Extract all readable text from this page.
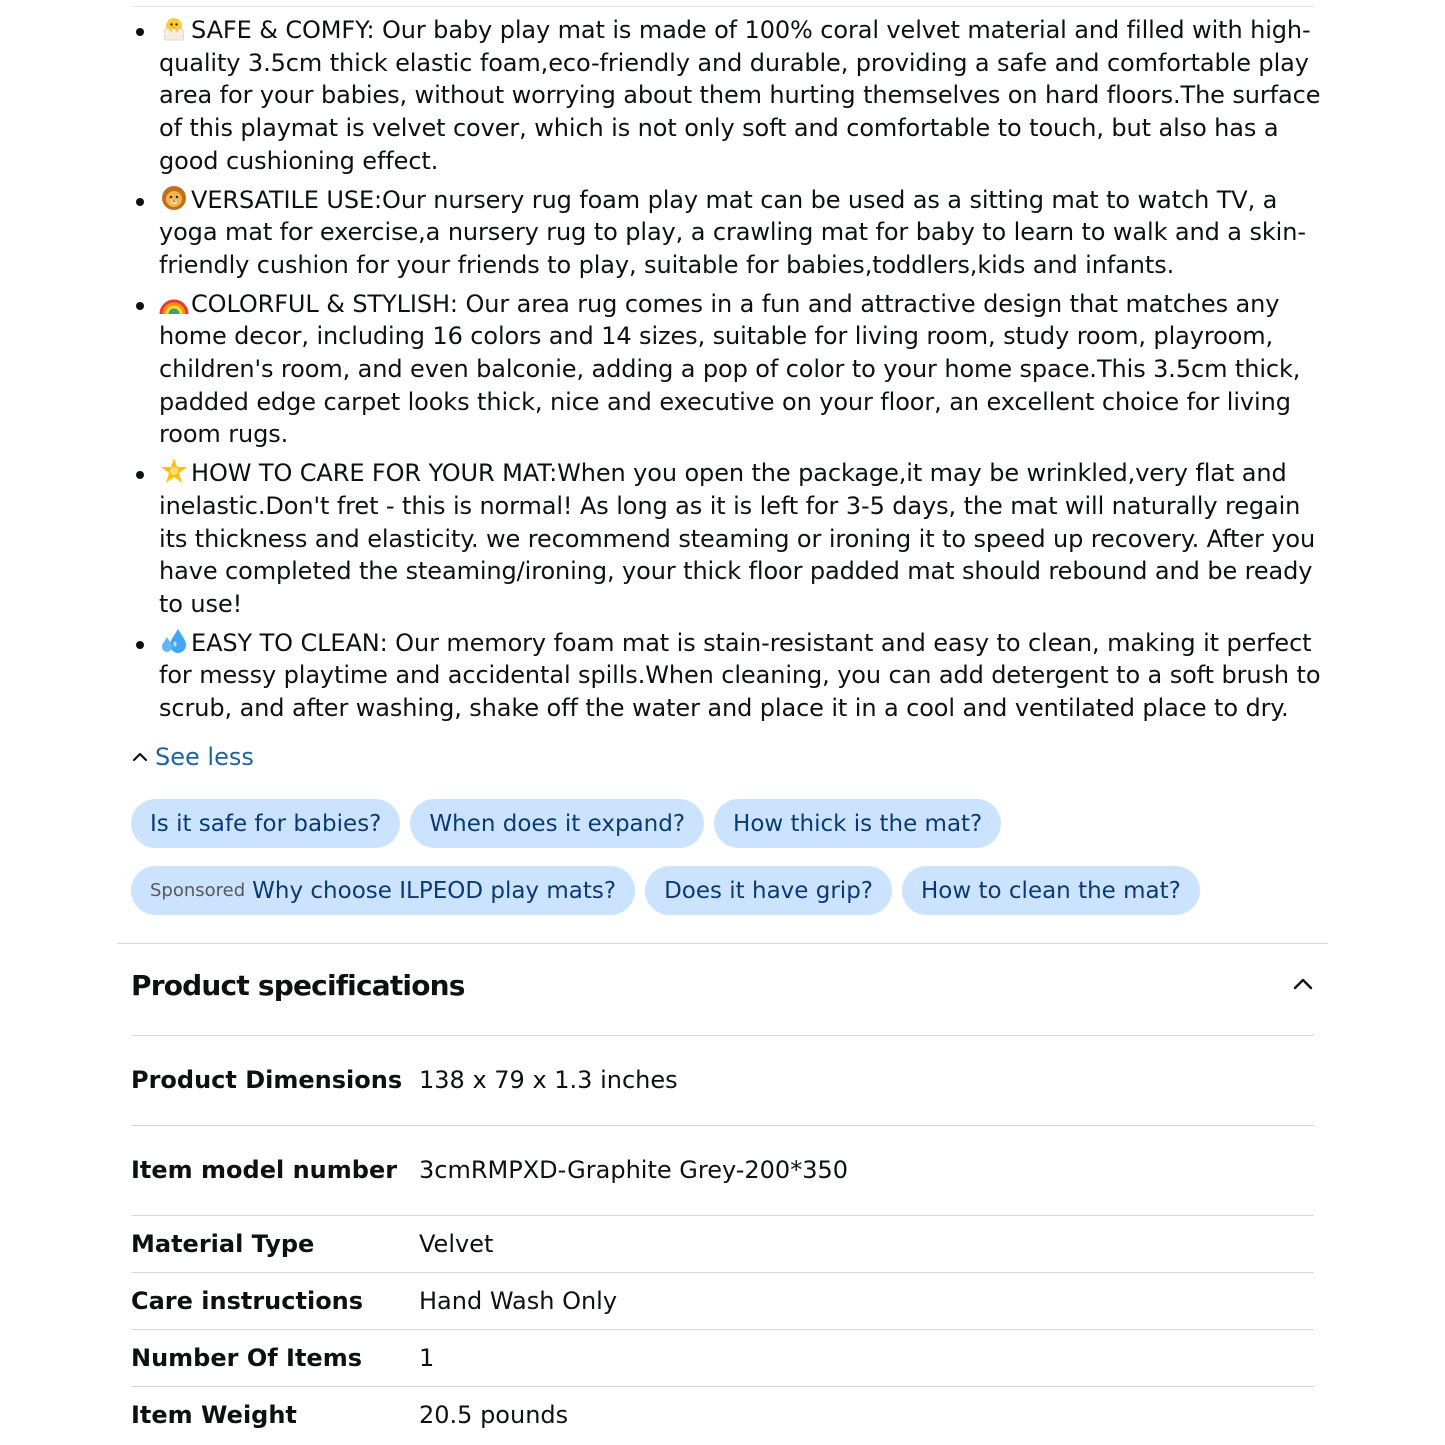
SAFE & COMFY: Our baby play mat is made of 100% coral velvet material and filled with high-quality 3.5cm thick elastic foam,eco-friendly and durable, providing a safe and comfortable play area for your babies, without worrying about them hurting themselves on hard floors.The surface of this playmat is velvet cover, which is not only soft and comfortable to touch, but also has a good cushioning effect.
VERSATILE USE:Our nursery rug foam play mat can be used as a sitting mat to watch TV, a yoga mat for exercise,a nursery rug to play, a crawling mat for baby to learn to walk and a skin-friendly cushion for your friends to play, suitable for babies,toddlers,kids and infants.
COLORFUL & STYLISH: Our area rug comes in a fun and attractive design that matches any home decor, including 16 colors and 14 sizes, suitable for living room, study room, playroom, children's room, and even balconie, adding a pop of color to your home space.This 3.5cm thick, padded edge carpet looks thick, nice and executive on your floor, an excellent choice for living room rugs.
HOW TO CARE FOR YOUR MAT:When you open the package,it may be wrinkled,very flat and inelastic.Don't fret - this is normal! As long as it is left for 3-5 days, the mat will naturally regain its thickness and elasticity. we recommend steaming or ironing it to speed up recovery. After you have completed the steaming/ironing, your thick floor padded mat should rebound and be ready to use!
EASY TO CLEAN: Our memory foam mat is stain-resistant and easy to clean, making it perfect for messy playtime and accidental spills.When cleaning, you can add detergent to a soft brush to scrub, and after washing, shake off the water and place it in a cool and ventilated place to dry.
See less
Is it safe for babies?	When does it expand?	How thick is the mat?
Sponsored Why choose ILPEOD play mats?	Does it have grip?	How to clean the mat?
Product specifications
Product Dimensions	138 x 79 x 1.3 inches
Item model number	3cmRMPXD-Graphite Grey-200*350
Material Type	Velvet
Care instructions	Hand Wash Only
Number Of Items	1
Item Weight	20.5 pounds
